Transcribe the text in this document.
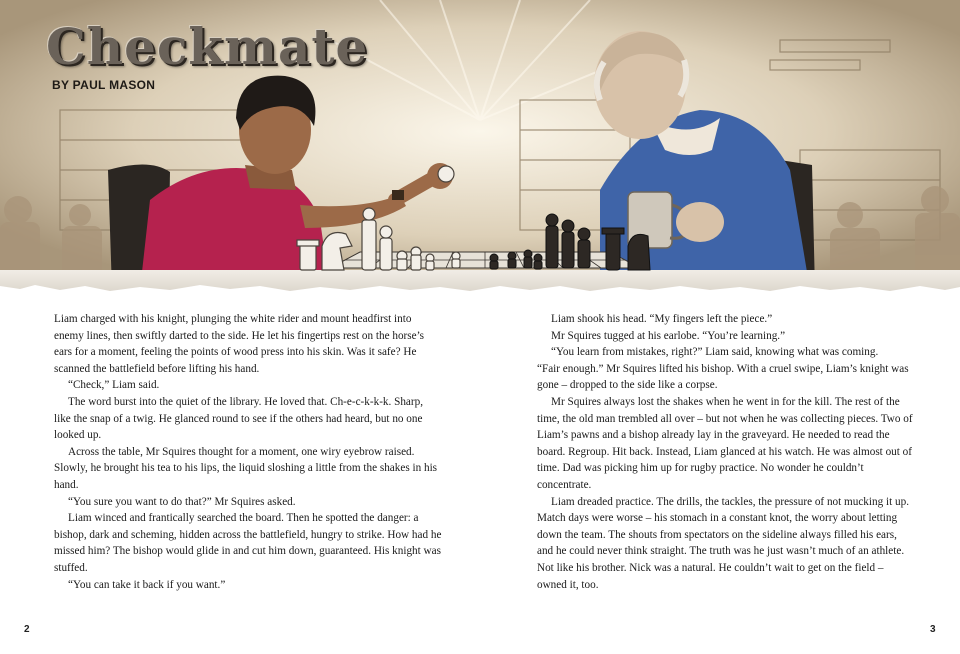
Checkmate
BY PAUL MASON

Liam charged with his knight, plunging the white rider and mount headfirst into enemy lines, then swiftly darted to the side. He let his fingertips rest on the horse’s ears for a moment, feeling the points of wood press into his skin. Was it safe? He scanned the battlefield before lifting his hand.

“Check,” Liam said.

The word burst into the quiet of the library. He loved that. Ch-e-c-k-k-k. Sharp, like the snap of a twig. He glanced round to see if the others had heard, but no one looked up.

Across the table, Mr Squires thought for a moment, one wiry eyebrow raised. Slowly, he brought his tea to his lips, the liquid sloshing a little from the shakes in his hand.

“You sure you want to do that?” Mr Squires asked.

Liam winced and frantically searched the board. Then he spotted the danger: a bishop, dark and scheming, hidden across the battlefield, hungry to strike. How had he missed him? The bishop would glide in and cut him down, guaranteed. His knight was stuffed.

“You can take it back if you want.”

Liam shook his head. “My fingers left the piece.”

Mr Squires tugged at his earlobe. “You’re learning.”

“You learn from mistakes, right?” Liam said, knowing what was coming.

“Fair enough.” Mr Squires lifted his bishop. With a cruel swipe, Liam’s knight was gone – dropped to the side like a corpse.

Mr Squires always lost the shakes when he went in for the kill. The rest of the time, the old man trembled all over – but not when he was collecting pieces. Two of Liam’s pawns and a bishop already lay in the graveyard. He needed to read the board. Regroup. Hit back. Instead, Liam glanced at his watch. He was almost out of time. Dad was picking him up for rugby practice. No wonder he couldn’t concentrate.

Liam dreaded practice. The drills, the tackles, the pressure of not mucking it up. Match days were worse – his stomach in a constant knot, the worry about letting down the team. The shouts from spectators on the sideline always filled his ears, and he could never think straight. The truth was he just wasn’t much of an athlete. Not like his brother. Nick was a natural. He couldn’t wait to get on the field – owned it, too.

2	3
